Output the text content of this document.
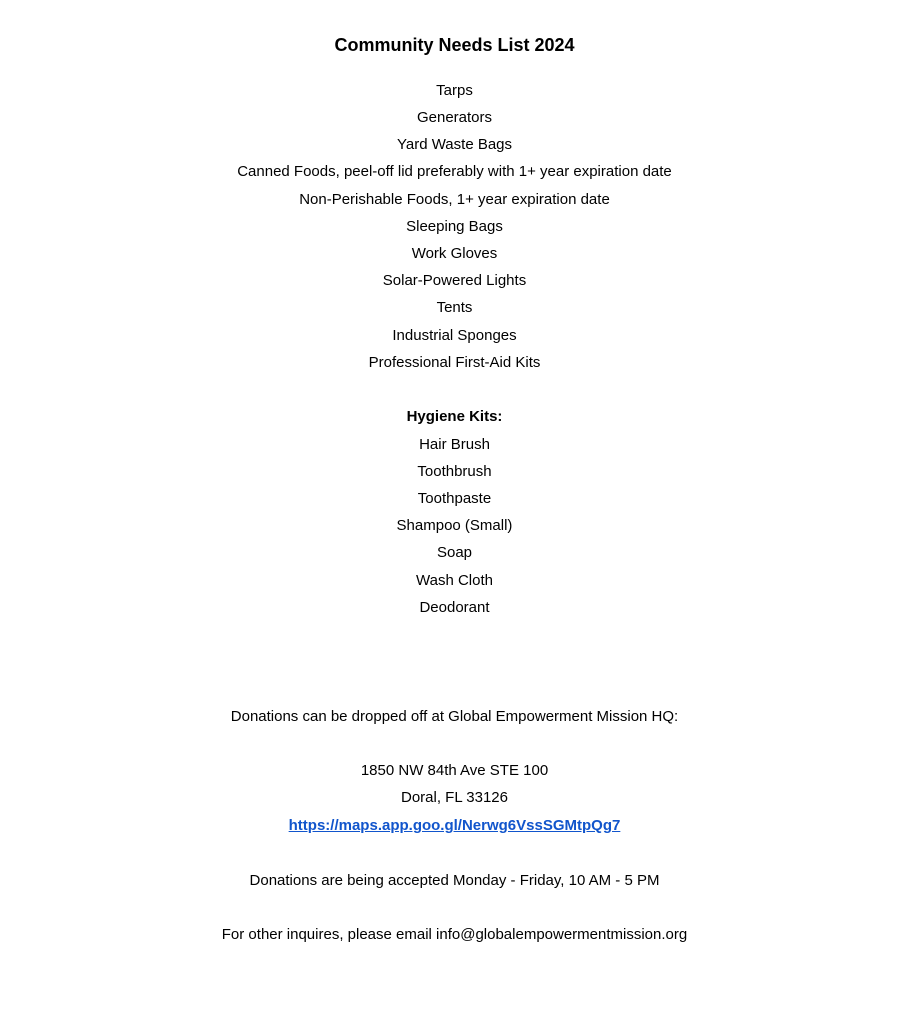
Community Needs List 2024
Tarps
Generators
Yard Waste Bags
Canned Foods, peel-off lid preferably with 1+ year expiration date
Non-Perishable Foods, 1+ year expiration date
Sleeping Bags
Work Gloves
Solar-Powered Lights
Tents
Industrial Sponges
Professional First-Aid Kits
Hygiene Kits:
Hair Brush
Toothbrush
Toothpaste
Shampoo (Small)
Soap
Wash Cloth
Deodorant
Donations can be dropped off at Global Empowerment Mission HQ:
1850 NW 84th Ave STE 100
Doral, FL 33126
https://maps.app.goo.gl/Nerwg6VssSGMtpQg7
Donations are being accepted Monday - Friday, 10 AM - 5 PM
For other inquires, please email info@globalempowermentmission.org
